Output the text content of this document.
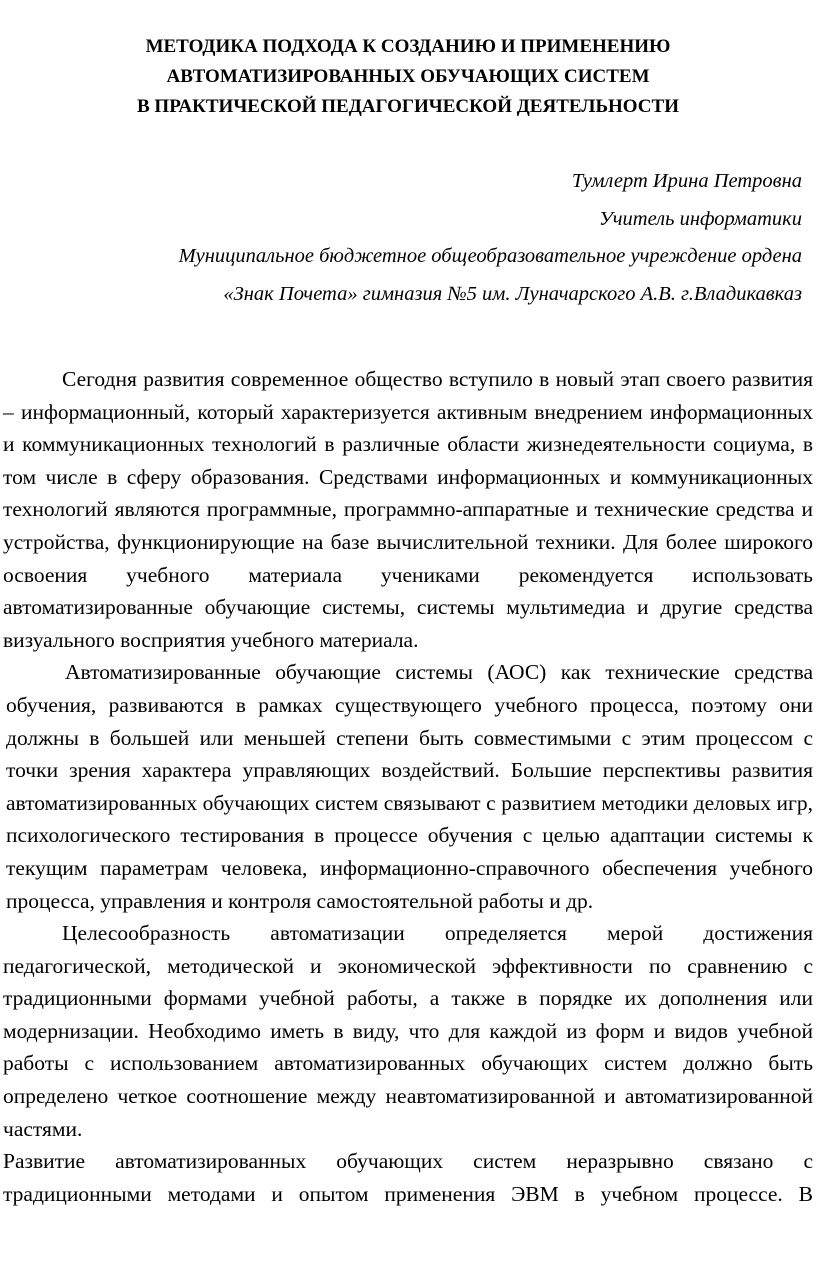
МЕТОДИКА ПОДХОДА К СОЗДАНИЮ И ПРИМЕНЕНИЮ
АВТОМАТИЗИРОВАННЫХ ОБУЧАЮЩИХ СИСТЕМ
В ПРАКТИЧЕСКОЙ ПЕДАГОГИЧЕСКОЙ ДЕЯТЕЛЬНОСТИ
Тумлерт Ирина Петровна
Учитель информатики
Муниципальное бюджетное общеобразовательное учреждение ордена
«Знак Почета» гимназия №5 им. Луначарского А.В. г.Владикавказ

Сегодня развития современное общество вступило в новый этап своего развития – информационный, который характеризуется активным внедрением информационных и коммуникационных технологий в различные области жизнедеятельности социума, в том числе в сферу образования. Средствами информационных и коммуникационных технологий являются программные, программно-аппаратные и технические средства и устройства, функционирующие на базе вычислительной техники. Для более широкого освоения учебного материала учениками рекомендуется использовать автоматизированные обучающие системы, системы мультимедиа и другие средства визуального восприятия учебного материала.

Автоматизированные обучающие системы (АОС) как технические средства обучения, развиваются в рамках существующего учебного процесса, поэтому они должны в большей или меньшей степени быть совместимыми с этим процессом с точки зрения характера управляющих воздействий. Большие перспективы развития автоматизированных обучающих систем связывают с развитием методики деловых игр, психологического тестирования в процессе обучения с целью адаптации системы к текущим параметрам человека, информационно-справочного обеспечения учебного процесса, управления и контроля самостоятельной работы и др.

Целесообразность автоматизации определяется мерой достижения педагогической, методической и экономической эффективности по сравнению с традиционными формами учебной работы, а также в порядке их дополнения или модернизации. Необходимо иметь в виду, что для каждой из форм и видов учебной работы с использованием автоматизированных обучающих систем должно быть определено четкое соотношение между неавтоматизированной и автоматизированной частями.

Развитие автоматизированных обучающих систем неразрывно связано с традиционными методами и опытом применения ЭВМ в учебном процессе. В
